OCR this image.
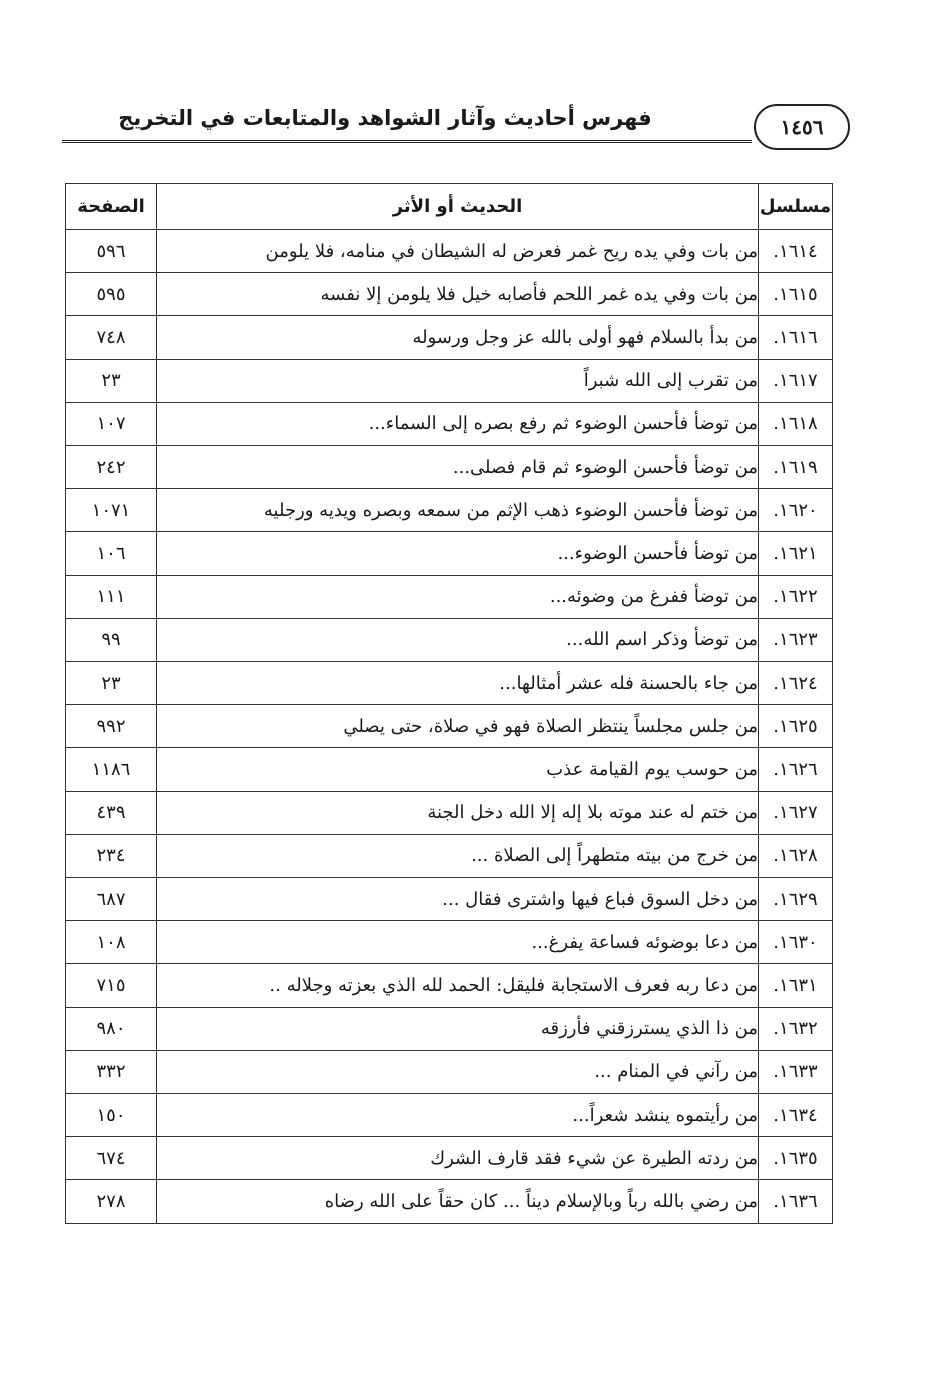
فهرس أحاديث وآثار الشواهد والمتابعات في التخريج	١٤٥٦
مسلسل	الحديث أو الأثر	الصفحة
١٦١٤.	من بات وفي يده ريح غمر فعرض له الشيطان في منامه، فلا يلومن	٥٩٦
١٦١٥.	من بات وفي يده غمر اللحم فأصابه خيل فلا يلومن إلا نفسه	٥٩٥
١٦١٦.	من بدأ بالسلام فهو أولى بالله عز وجل ورسوله	٧٤٨
١٦١٧.	من تقرب إلى الله شبراً	٢٣
١٦١٨.	من توضأ فأحسن الوضوء ثم رفع بصره إلى السماء...	١٠٧
١٦١٩.	من توضأ فأحسن الوضوء ثم قام فصلى...	٢٤٢
١٦٢٠.	من توضأ فأحسن الوضوء ذهب الإثم من سمعه وبصره ويديه ورجليه	١٠٧١
١٦٢١.	من توضأ فأحسن الوضوء...	١٠٦
١٦٢٢.	من توضأ ففرغ من وضوئه...	١١١
١٦٢٣.	من توضأ وذكر اسم الله...	٩٩
١٦٢٤.	من جاء بالحسنة فله عشر أمثالها...	٢٣
١٦٢٥.	من جلس مجلساً ينتظر الصلاة فهو في صلاة، حتى يصلي	٩٩٢
١٦٢٦.	من حوسب يوم القيامة عذب	١١٨٦
١٦٢٧.	من ختم له عند موته بلا إله إلا الله دخل الجنة	٤٣٩
١٦٢٨.	من خرج من بيته متطهراً إلى الصلاة ...	٢٣٤
١٦٢٩.	من دخل السوق فباع فيها واشترى فقال ...	٦٨٧
١٦٣٠.	من دعا بوضوئه فساعة يفرغ...	١٠٨
١٦٣١.	من دعا ربه فعرف الاستجابة فليقل: الحمد لله الذي بعزته وجلاله ..	٧١٥
١٦٣٢.	من ذا الذي يسترزقني فأرزقه	٩٨٠
١٦٣٣.	من رآني في المنام ...	٣٣٢
١٦٣٤.	من رأيتموه ينشد شعراً...	١٥٠
١٦٣٥.	من ردته الطيرة عن شيء فقد قارف الشرك	٦٧٤
١٦٣٦.	من رضي بالله رباً وبالإسلام ديناً ... كان حقاً على الله رضاه	٢٧٨
